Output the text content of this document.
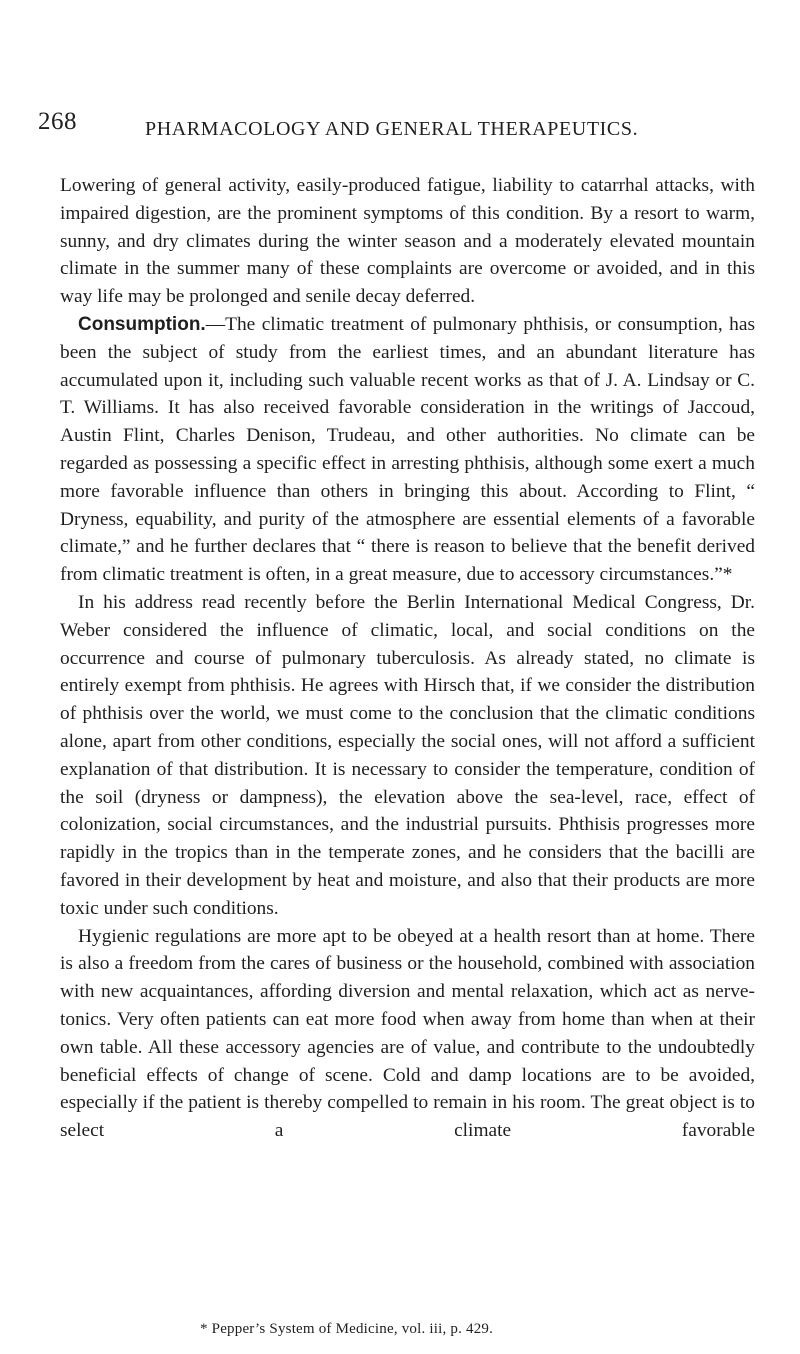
268	PHARMACOLOGY AND GENERAL THERAPEUTICS.

Lowering of general activity, easily-produced fatigue, liability to catarrhal attacks, with impaired digestion, are the prominent symptoms of this condition. By a resort to warm, sunny, and dry climates during the winter season and a moderately elevated mountain climate in the summer many of these complaints are overcome or avoided, and in this way life may be prolonged and senile decay deferred.

Consumption.—The climatic treatment of pulmonary phthisis, or consumption, has been the subject of study from the earliest times, and an abundant literature has accumulated upon it, including such valuable recent works as that of J. A. Lindsay or C. T. Williams. It has also received favorable consideration in the writings of Jaccoud, Austin Flint, Charles Denison, Trudeau, and other authorities. No climate can be regarded as possessing a specific effect in arresting phthisis, although some exert a much more favorable influence than others in bringing this about. According to Flint, “ Dryness, equability, and purity of the atmosphere are essential elements of a favorable climate,” and he further declares that “ there is reason to believe that the benefit derived from climatic treatment is often, in a great measure, due to accessory circumstances.”*

In his address read recently before the Berlin International Medical Congress, Dr. Weber considered the influence of climatic, local, and social conditions on the occurrence and course of pulmonary tuberculosis. As already stated, no climate is entirely exempt from phthisis. He agrees with Hirsch that, if we consider the distribution of phthisis over the world, we must come to the conclusion that the climatic conditions alone, apart from other conditions, especially the social ones, will not afford a sufficient explanation of that distribution. It is necessary to consider the temperature, condition of the soil (dryness or dampness), the elevation above the sea-level, race, effect of colonization, social circumstances, and the industrial pursuits. Phthisis progresses more rapidly in the tropics than in the temperate zones, and he considers that the bacilli are favored in their development by heat and moisture, and also that their products are more toxic under such conditions.

Hygienic regulations are more apt to be obeyed at a health resort than at home. There is also a freedom from the cares of business or the household, combined with association with new acquaintances, affording diversion and mental relaxation, which act as nerve-tonics. Very often patients can eat more food when away from home than when at their own table. All these accessory agencies are of value, and contribute to the undoubtedly beneficial effects of change of scene. Cold and damp locations are to be avoided, especially if the patient is thereby compelled to remain in his room. The great object is to select a climate favorable

* Pepper’s System of Medicine, vol. iii, p. 429.
